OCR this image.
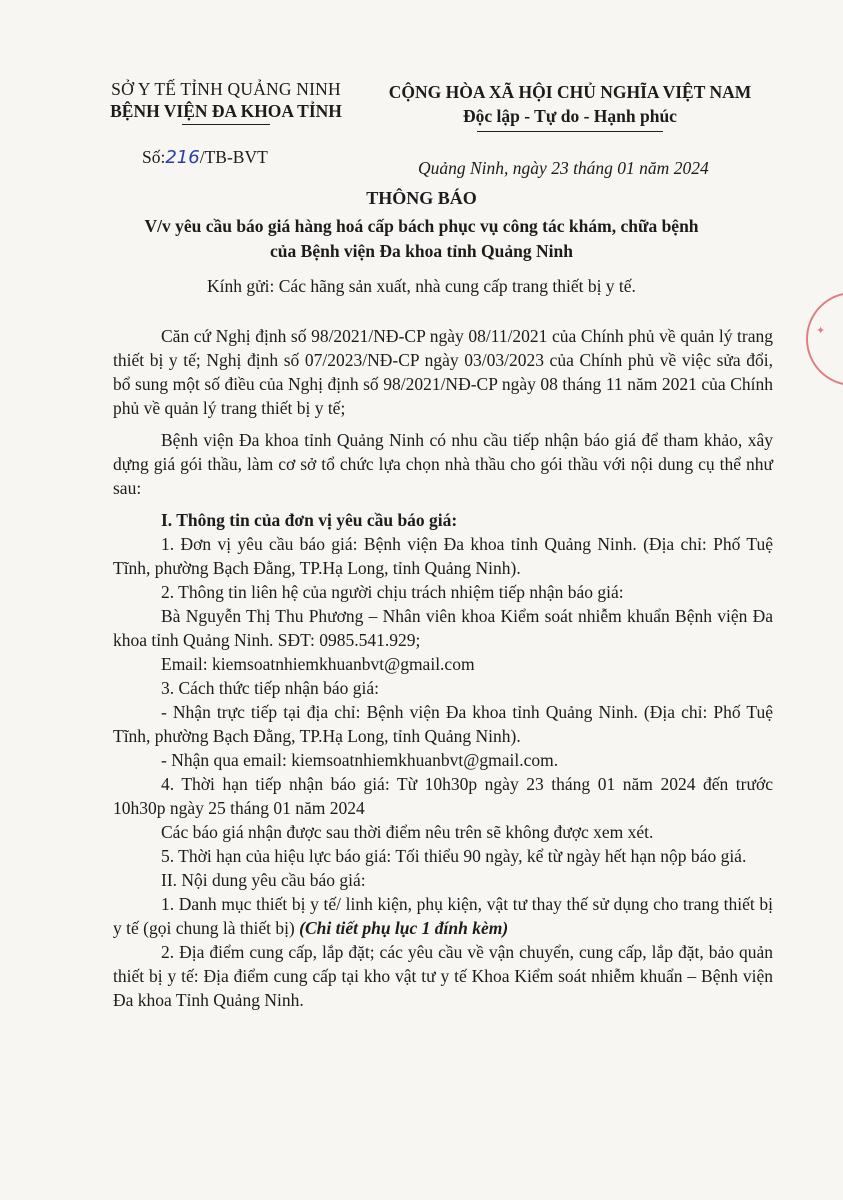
SỞ Y TẾ TỈNH QUẢNG NINH
BỆNH VIỆN ĐA KHOA TỈNH
CỘNG HÒA XÃ HỘI CHỦ NGHĨA VIỆT NAM
Độc lập - Tự do - Hạnh phúc
Số:216/TB-BVT
Quảng Ninh, ngày 23 tháng 01 năm 2024
THÔNG BÁO
V/v yêu cầu báo giá hàng hoá cấp bách phục vụ công tác khám, chữa bệnh
của Bệnh viện Đa khoa tỉnh Quảng Ninh
Kính gửi: Các hãng sản xuất, nhà cung cấp trang thiết bị y tế.

Căn cứ Nghị định số 98/2021/NĐ-CP ngày 08/11/2021 của Chính phủ về quản lý trang thiết bị y tế; Nghị định số 07/2023/NĐ-CP ngày 03/03/2023 của Chính phủ về việc sửa đổi, bổ sung một số điều của Nghị định số 98/2021/NĐ-CP ngày 08 tháng 11 năm 2021 của Chính phủ về quản lý trang thiết bị y tế;

Bệnh viện Đa khoa tỉnh Quảng Ninh có nhu cầu tiếp nhận báo giá để tham khảo, xây dựng giá gói thầu, làm cơ sở tổ chức lựa chọn nhà thầu cho gói thầu với nội dung cụ thể như sau:

I. Thông tin của đơn vị yêu cầu báo giá:

1. Đơn vị yêu cầu báo giá: Bệnh viện Đa khoa tỉnh Quảng Ninh. (Địa chỉ: Phố Tuệ Tĩnh, phường Bạch Đằng, TP.Hạ Long, tỉnh Quảng Ninh).

2. Thông tin liên hệ của người chịu trách nhiệm tiếp nhận báo giá:

Bà Nguyễn Thị Thu Phương – Nhân viên khoa Kiểm soát nhiễm khuẩn Bệnh viện Đa khoa tỉnh Quảng Ninh. SĐT: 0985.541.929;

Email: kiemsoatnhiemkhuanbvt@gmail.com

3. Cách thức tiếp nhận báo giá:

- Nhận trực tiếp tại địa chỉ: Bệnh viện Đa khoa tỉnh Quảng Ninh. (Địa chỉ: Phố Tuệ Tĩnh, phường Bạch Đằng, TP.Hạ Long, tỉnh Quảng Ninh).

- Nhận qua email: kiemsoatnhiemkhuanbvt@gmail.com.

4. Thời hạn tiếp nhận báo giá: Từ 10h30p ngày 23 tháng 01 năm 2024 đến trước 10h30p ngày 25 tháng 01 năm 2024

Các báo giá nhận được sau thời điểm nêu trên sẽ không được xem xét.

5. Thời hạn của hiệu lực báo giá: Tối thiểu 90 ngày, kể từ ngày hết hạn nộp báo giá.

II. Nội dung yêu cầu báo giá:

1. Danh mục thiết bị y tế/ linh kiện, phụ kiện, vật tư thay thế sử dụng cho trang thiết bị y tế (gọi chung là thiết bị) (Chi tiết phụ lục 1 đính kèm)

2. Địa điểm cung cấp, lắp đặt; các yêu cầu về vận chuyển, cung cấp, lắp đặt, bảo quản thiết bị y tế: Địa điểm cung cấp tại kho vật tư y tế Khoa Kiểm soát nhiễm khuẩn – Bệnh viện Đa khoa Tỉnh Quảng Ninh.

✦
